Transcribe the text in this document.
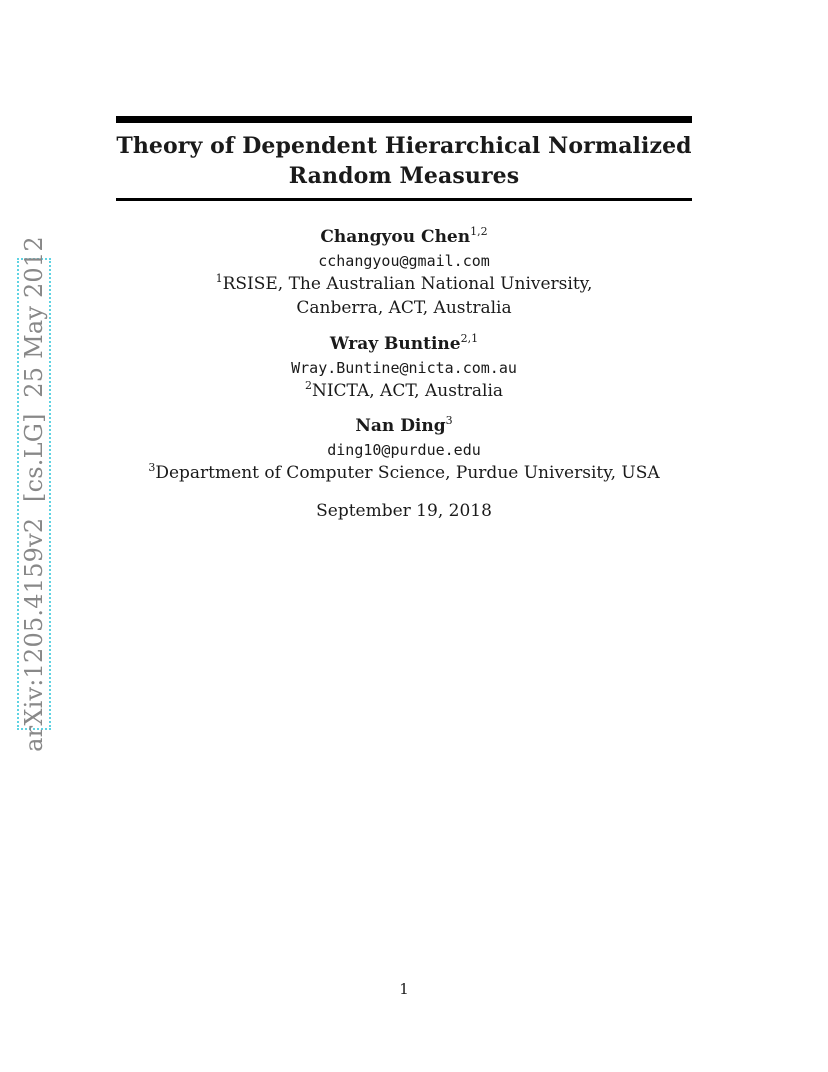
arXiv:1205.4159v2  [cs.LG]  25 May 2012
Theory of Dependent Hierarchical Normalized
Random Measures
Changyou Chen$^{1,2}$
cchangyou@gmail.com
$^1$RSISE, The Australian National University,
Canberra, ACT, Australia
Wray Buntine$^{2,1}$
Wray.Buntine@nicta.com.au
$^2$NICTA, ACT, Australia
Nan Ding$^3$
ding10@purdue.edu
$^3$Department of Computer Science, Purdue University, USA
September 19, 2018
1
